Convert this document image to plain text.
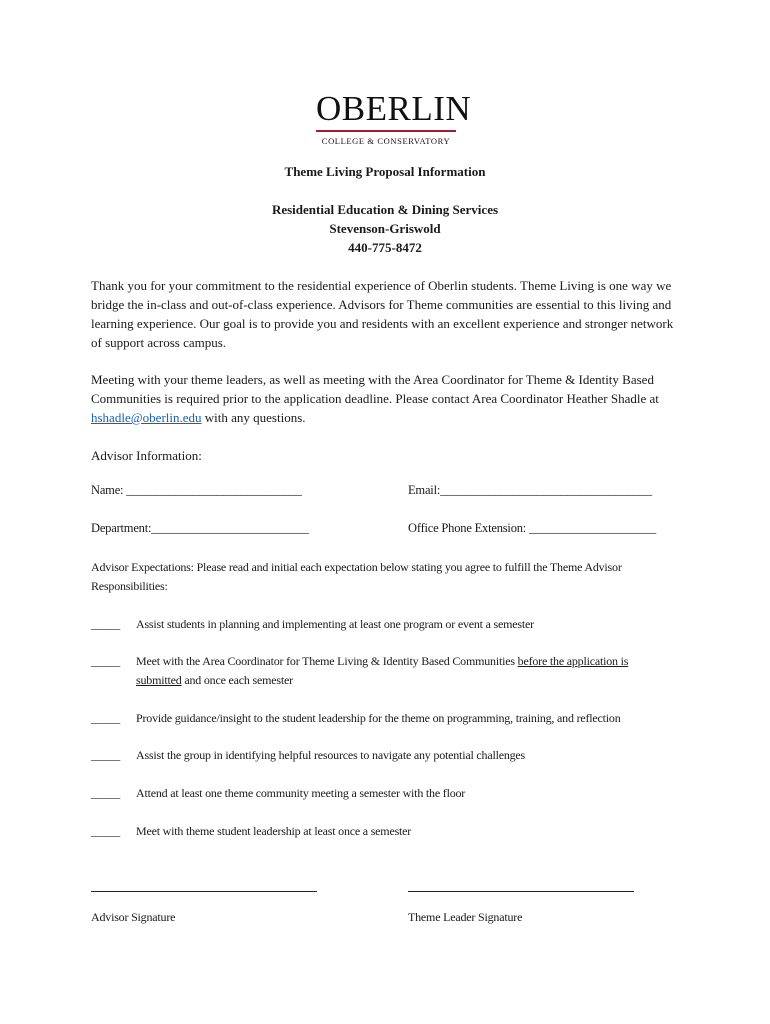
OBERLIN
COLLEGE & CONSERVATORY
Theme Living Proposal Information
Residential Education & Dining Services
Stevenson-Griswold
440-775-8472
Thank you for your commitment to the residential experience of Oberlin students. Theme Living is one way we bridge the in-class and out-of-class experience. Advisors for Theme communities are essential to this living and learning experience. Our goal is to provide you and residents with an excellent experience and stronger network of support across campus.
Meeting with your theme leaders, as well as meeting with the Area Coordinator for Theme & Identity Based Communities is required prior to the application deadline. Please contact Area Coordinator Heather Shadle at hshadle@oberlin.edu with any questions.
Advisor Information:
Name: _____________________________	Email:___________________________________
Department:__________________________	Office Phone Extension: _____________________
Advisor Expectations: Please read and initial each expectation below stating you agree to fulfill the Theme Advisor Responsibilities:
_____ Assist students in planning and implementing at least one program or event a semester
_____ Meet with the Area Coordinator for Theme Living & Identity Based Communities before the application is submitted and once each semester
_____ Provide guidance/insight to the student leadership for the theme on programming, training, and reflection
_____ Assist the group in identifying helpful resources to navigate any potential challenges
_____ Attend at least one theme community meeting a semester with the floor
_____ Meet with theme student leadership at least once a semester
Advisor Signature	Theme Leader Signature
